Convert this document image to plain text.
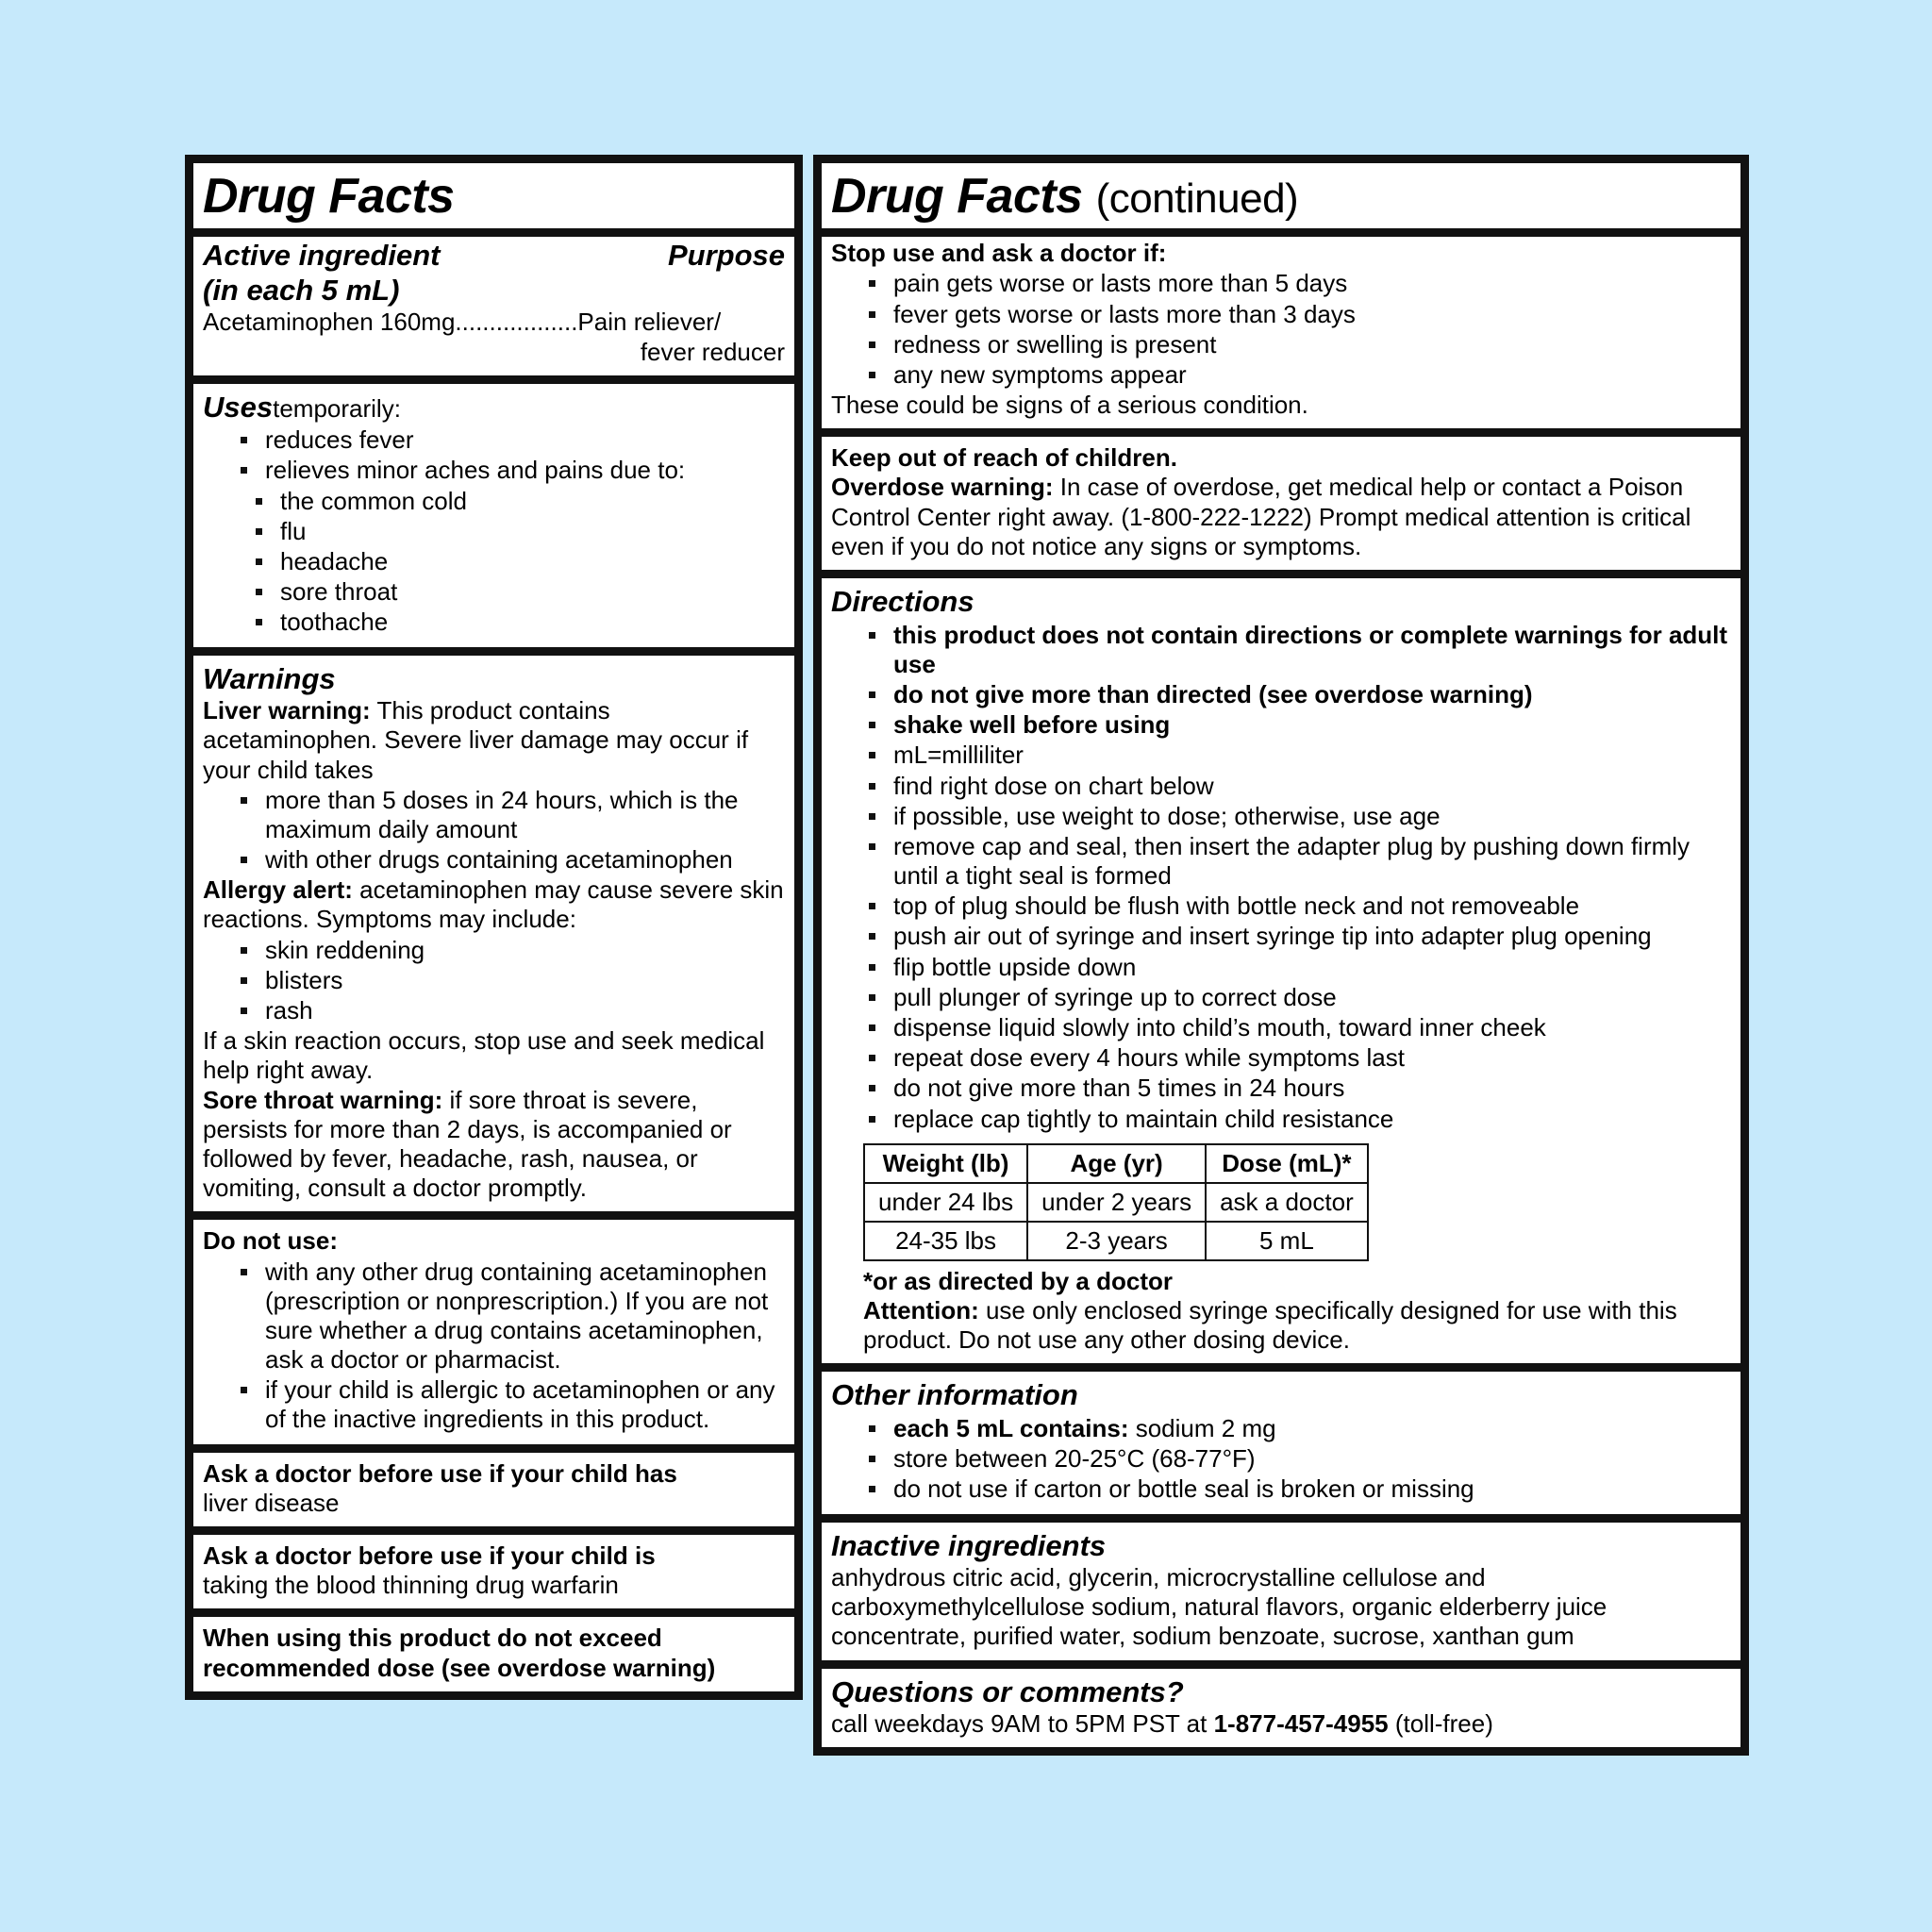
Drug Facts
Active ingredient	Purpose
(in each 5 mL)
Acetaminophen 160mg..................Pain reliever/
fever reducer
Usestemporarily:
reduces fever
relieves minor aches and pains due to:
the common cold
flu
headache
sore throat
toothache
Warnings
Liver warning: This product contains acetaminophen. Severe liver damage may occur if your child takes
more than 5 doses in 24 hours, which is the maximum daily amount
with other drugs containing acetaminophen
Allergy alert: acetaminophen may cause severe skin reactions. Symptoms may include:
skin reddening
blisters
rash
If a skin reaction occurs, stop use and seek medical help right away.
Sore throat warning: if sore throat is severe, persists for more than 2 days, is accompanied or followed by fever, headache, rash, nausea, or vomiting, consult a doctor promptly.
Do not use:
with any other drug containing acetaminophen (prescription or nonprescription.) If you are not sure whether a drug contains acetaminophen, ask a doctor or pharmacist.
if your child is allergic to acetaminophen or any of the inactive ingredients in this product.
Ask a doctor before use if your child has
liver disease
Ask a doctor before use if your child is
taking the blood thinning drug warfarin
When using this product do not exceed
recommended dose (see overdose warning)
Drug Facts (continued)
Stop use and ask a doctor if:
pain gets worse or lasts more than 5 days
fever gets worse or lasts more than 3 days
redness or swelling is present
any new symptoms appear
These could be signs of a serious condition.
Keep out of reach of children.
Overdose warning: In case of overdose, get medical help or contact a Poison Control Center right away. (1-800-222-1222) Prompt medical attention is critical even if you do not notice any signs or symptoms.
Directions
this product does not contain directions or complete warnings for adult use
do not give more than directed (see overdose warning)
shake well before using
mL=milliliter
find right dose on chart below
if possible, use weight to dose; otherwise, use age
remove cap and seal, then insert the adapter plug by pushing down firmly until a tight seal is formed
top of plug should be flush with bottle neck and not removeable
push air out of syringe and insert syringe tip into adapter plug opening
flip bottle upside down
pull plunger of syringe up to correct dose
dispense liquid slowly into child’s mouth, toward inner cheek
repeat dose every 4 hours while symptoms last
do not give more than 5 times in 24 hours
replace cap tightly to maintain child resistance
Weight (lb)	Age (yr)	Dose (mL)*
under 24 lbs	under 2 years	ask a doctor
24-35 lbs	2-3 years	5 mL
*or as directed by a doctor
Attention: use only enclosed syringe specifically designed for use with this product. Do not use any other dosing device.
Other information
each 5 mL contains: sodium 2 mg
store between 20-25°C (68-77°F)
do not use if carton or bottle seal is broken or missing
Inactive ingredients
anhydrous citric acid, glycerin, microcrystalline cellulose and carboxymethylcellulose sodium, natural flavors, organic elderberry juice concentrate, purified water, sodium benzoate, sucrose, xanthan gum
Questions or comments?
call weekdays 9AM to 5PM PST at 1-877-457-4955 (toll-free)
